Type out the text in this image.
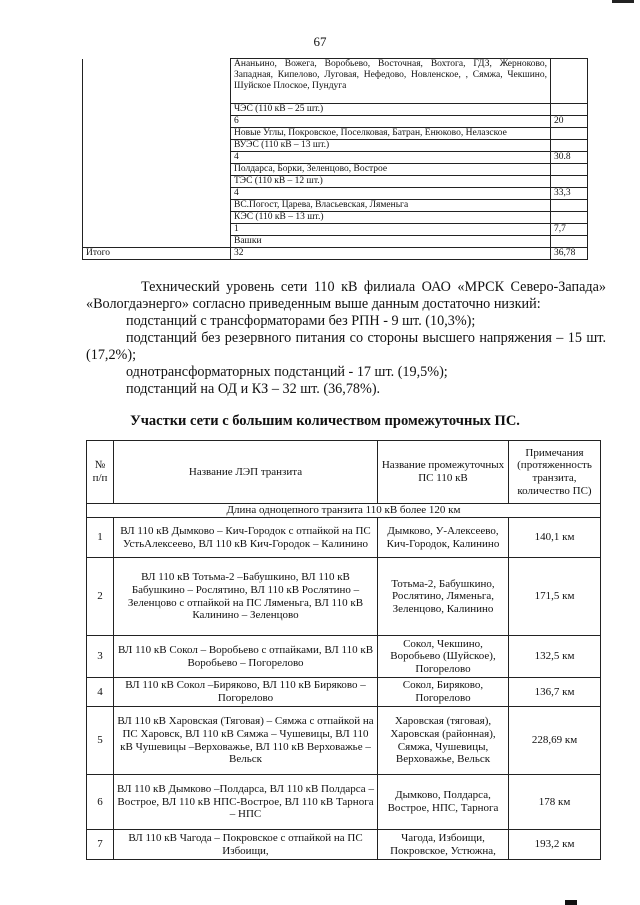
67
	Ананьино, Вожега, Воробьево, Восточная, Вохтога, ГДЗ, Жерноково, Западная, Кипелово, Луговая, Нефедово, Новленское, , Сямжа, Чекшино, Шуйское Плоское, Пундуга	
	ЧЭС (110 кВ – 25 шт.)	
	6	20
	Новые Углы, Покровское, Поселковая, Батран, Енюково, Нелазское	
	ВУЭС (110 кВ – 13 шт.)	
	4	30.8
	Полдарса, Борки, Зеленцово, Вострое	
	ТЭС (110 кВ – 12 шт.)	
	4	33,3
	ВС.Погост, Царева, Власьевская, Ляменьга	
	КЭС (110 кВ – 13 шт.)	
	1	7,7
	Вашки	
Итого	32	36,78

Технический уровень сети 110 кВ филиала ОАО «МРСК Северо-Запада» «Вологдаэнерго» согласно приведенным выше данным достаточно низкий:

подстанций с трансформаторами без РПН - 9 шт. (10,3%);

подстанций без резервного питания со стороны высшего напряжения – 15 шт. (17,2%);

однотрансформаторных подстанций - 17 шт. (19,5%);

подстанций на ОД и КЗ – 32 шт. (36,78%).

Участки сети с большим количеством промежуточных ПС.
№ п/п	Название ЛЭП транзита	Название промежуточных ПС 110 кВ	Примечания (протяженность транзита, количество ПС)
Длина одноцепного транзита 110 кВ более 120 км			
1	ВЛ 110 кВ Дымково – Кич-Городок с отпайкой на ПС УстьАлексеево, ВЛ 110 кВ Кич-Городок – Калинино	Дымково, У-Алексеево, Кич-Городок, Калинино	140,1 км
2	ВЛ 110 кВ Тотьма-2 –Бабушкино, ВЛ 110 кВ Бабушкино – Рослятино, ВЛ 110 кВ Рослятино –Зеленцово с отпайкой на ПС Ляменьга, ВЛ 110 кВ Калинино – Зеленцово	Тотьма-2, Бабушкино, Рослятино, Ляменьга, Зеленцово, Калинино	171,5 км
3	ВЛ 110 кВ Сокол – Воробьево с отпайками, ВЛ 110 кВ Воробьево – Погорелово	Сокол, Чекшино, Воробьево (Шуйское), Погорелово	132,5 км
4	ВЛ 110 кВ Сокол –Биряково, ВЛ 110 кВ Биряково – Погорелово	Сокол, Биряково, Погорелово	136,7 км
5	ВЛ 110 кВ Харовская (Тяговая) – Сямжа с отпайкой на ПС Харовск, ВЛ 110 кВ Сямжа – Чушевицы, ВЛ 110 кВ Чушевицы –Верховажье, ВЛ 110 кВ Верховажье – Вельск	Харовская (тяговая), Харовская (районная), Сямжа, Чушевицы, Верховажье, Вельск	228,69 км
6	ВЛ 110 кВ Дымково –Полдарса, ВЛ 110 кВ Полдарса – Вострое, ВЛ 110 кВ НПС-Вострое, ВЛ 110 кВ Тарнога – НПС	Дымково, Полдарса, Вострое, НПС, Тарнога	178 км
7	ВЛ 110 кВ Чагода – Покровское с отпайкой на ПС Избоищи,	Чагода, Избоищи, Покровское, Устюжна,	193,2 км
